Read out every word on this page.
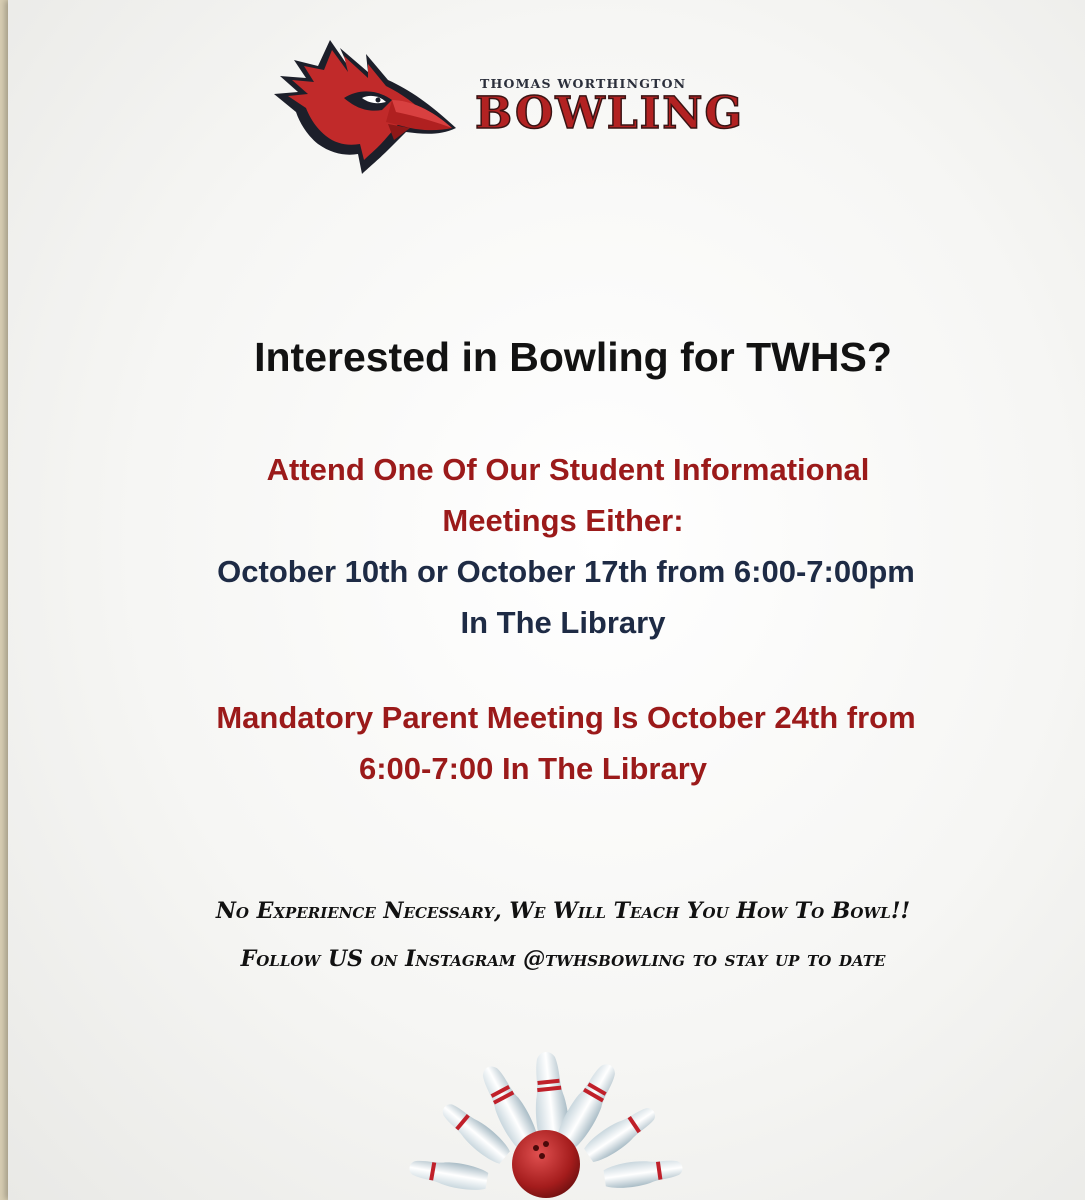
THOMAS WORTHINGTON
BOWLING
Interested in Bowling for TWHS?
Attend One Of Our Student Informational
Meetings Either:
October 10th or October 17th from 6:00-7:00pm
In The Library
Mandatory Parent Meeting Is October 24th from
6:00-7:00 In The Library
No Experience Necessary, We Will Teach You How To Bowl!!
Follow US on Instagram @twhsbowling to stay up to date
